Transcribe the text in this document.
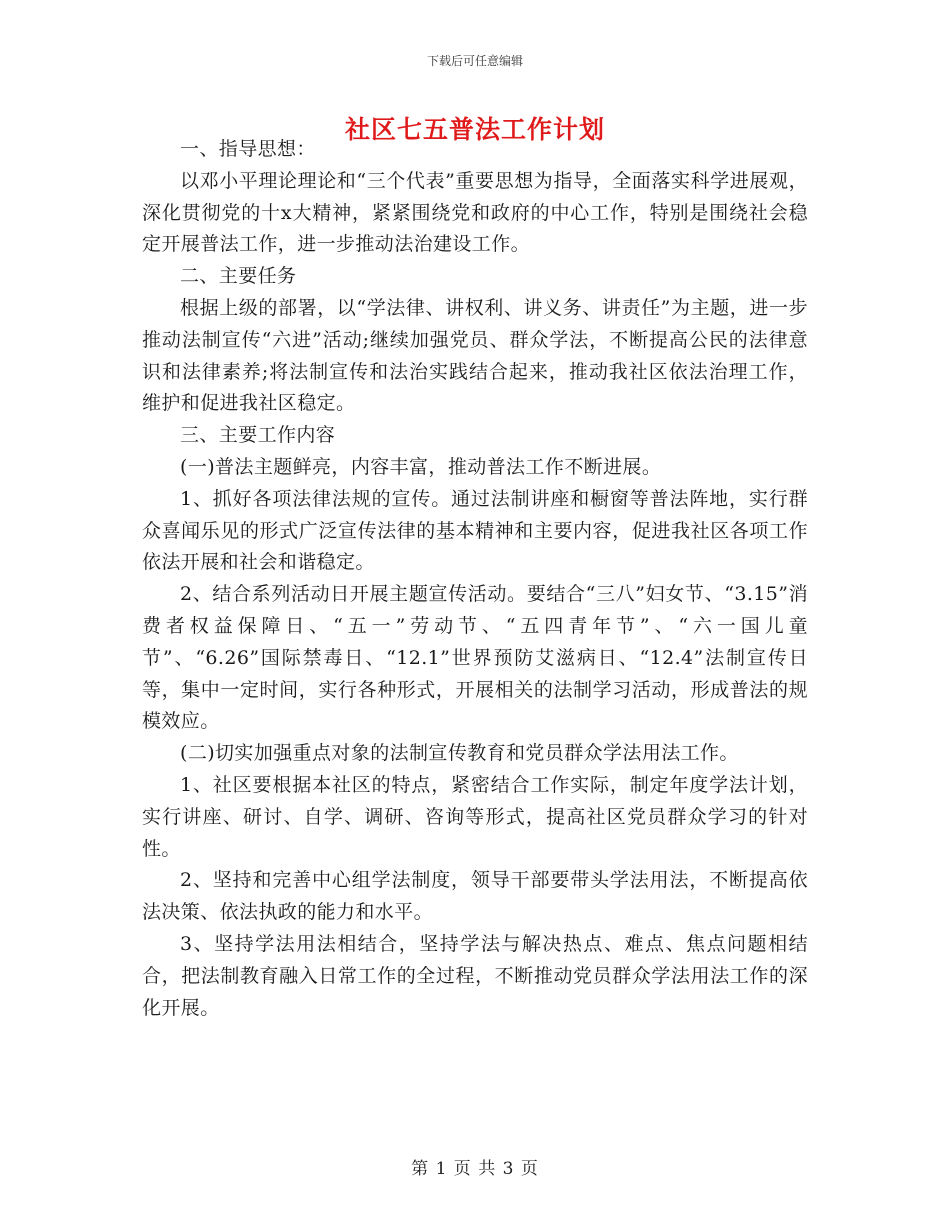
下载后可任意编辑
社区七五普法工作计划

一、指导思想：

以邓小平理论理论和“三个代表”重要思想为指导，全面落实科学进展观，深化贯彻党的十x大精神，紧紧围绕党和政府的中心工作，特别是围绕社会稳定开展普法工作，进一步推动法治建设工作。

二、主要任务

根据上级的部署，以“学法律、讲权利、讲义务、讲责任”为主题，进一步推动法制宣传“六进”活动;继续加强党员、群众学法，不断提高公民的法律意识和法律素养;将法制宣传和法治实践结合起来，推动我社区依法治理工作，维护和促进我社区稳定。

三、主要工作内容

(一)普法主题鲜亮，内容丰富，推动普法工作不断进展。

1、抓好各项法律法规的宣传。通过法制讲座和橱窗等普法阵地，实行群众喜闻乐见的形式广泛宣传法律的基本精神和主要内容，促进我社区各项工作依法开展和社会和谐稳定。

2、结合系列活动日开展主题宣传活动。要结合“三八”妇女节、“3.15”消费者权益保障日、“五一”劳动节、“五四青年节”、“六一国儿童节”、“6.26”国际禁毒日、“12.1”世界预防艾滋病日、“12.4”法制宣传日等，集中一定时间，实行各种形式，开展相关的法制学习活动，形成普法的规模效应。

(二)切实加强重点对象的法制宣传教育和党员群众学法用法工作。

1、社区要根据本社区的特点，紧密结合工作实际，制定年度学法计划，实行讲座、研讨、自学、调研、咨询等形式，提高社区党员群众学习的针对性。

2、坚持和完善中心组学法制度，领导干部要带头学法用法，不断提高依法决策、依法执政的能力和水平。

3、坚持学法用法相结合，坚持学法与解决热点、难点、焦点问题相结合，把法制教育融入日常工作的全过程，不断推动党员群众学法用法工作的深化开展。

第 1 页 共 3 页
